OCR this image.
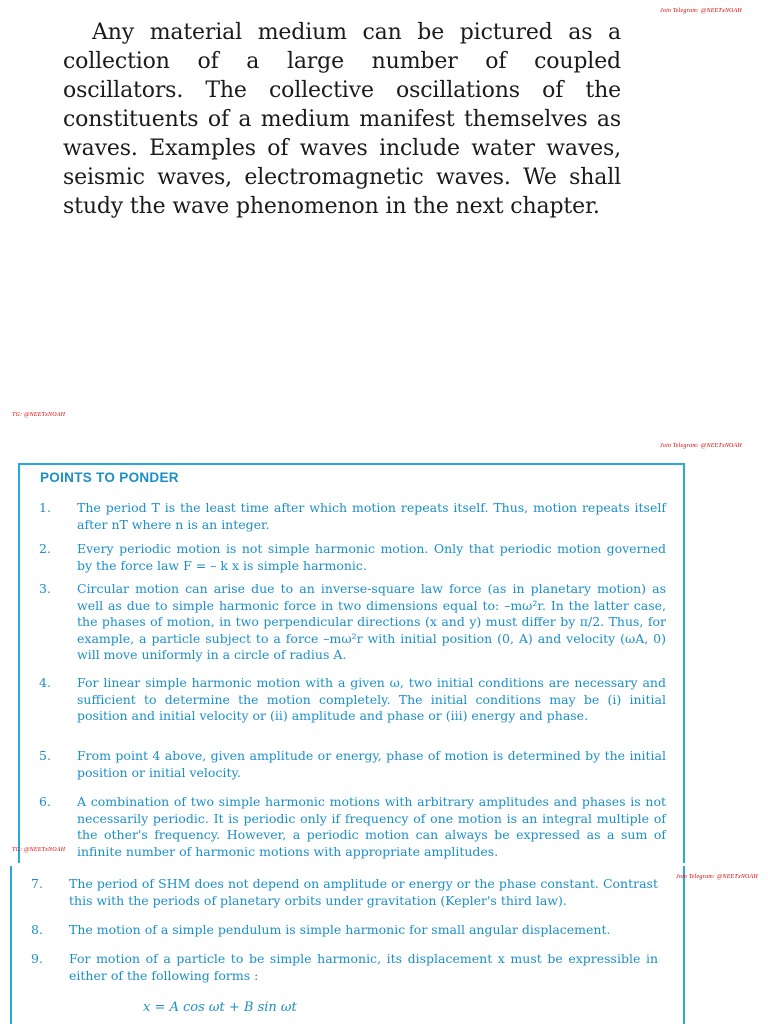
Join Telegram: @NEETxNOAH

Any material medium can be pictured as a collection of a large number of coupled oscillators. The collective oscillations of the constituents of a medium manifest themselves as waves. Examples of waves include water waves, seismic waves, electromagnetic waves. We shall study the wave phenomenon in the next chapter.

TG: @NEETxNOAH
Join Telegram: @NEETxNOAH
POINTS TO PONDER
1. The period T is the least time after which motion repeats itself. Thus, motion repeats itself after nT where n is an integer.

2. Every periodic motion is not simple harmonic motion. Only that periodic motion governed by the force law F = – k x is simple harmonic.

3. Circular motion can arise due to an inverse-square law force (as in planetary motion) as well as due to simple harmonic force in two dimensions equal to: –mω²r. In the latter case, the phases of motion, in two perpendicular directions (x and y) must differ by π/2. Thus, for example, a particle subject to a force –mω²r with initial position (0, A) and velocity (ωA, 0) will move uniformly in a circle of radius A.

4. For linear simple harmonic motion with a given ω, two initial conditions are necessary and sufficient to determine the motion completely. The initial conditions may be (i) initial position and initial velocity or (ii) amplitude and phase or (iii) energy and phase.

5. From point 4 above, given amplitude or energy, phase of motion is determined by the initial position or initial velocity.

6. A combination of two simple harmonic motions with arbitrary amplitudes and phases is not necessarily periodic. It is periodic only if frequency of one motion is an integral multiple of the other's frequency. However, a periodic motion can always be expressed as a sum of infinite number of harmonic motions with appropriate amplitudes.

TG: @NEETxNOAH
Join Telegram: @NEETxNOAH
7. The period of SHM does not depend on amplitude or energy or the phase constant. Contrast this with the periods of planetary orbits under gravitation (Kepler's third law).

8. The motion of a simple pendulum is simple harmonic for small angular displacement.

9. For motion of a particle to be simple harmonic, its displacement x must be expressible in either of the following forms :

x = A cos ωt + B sin ωt
